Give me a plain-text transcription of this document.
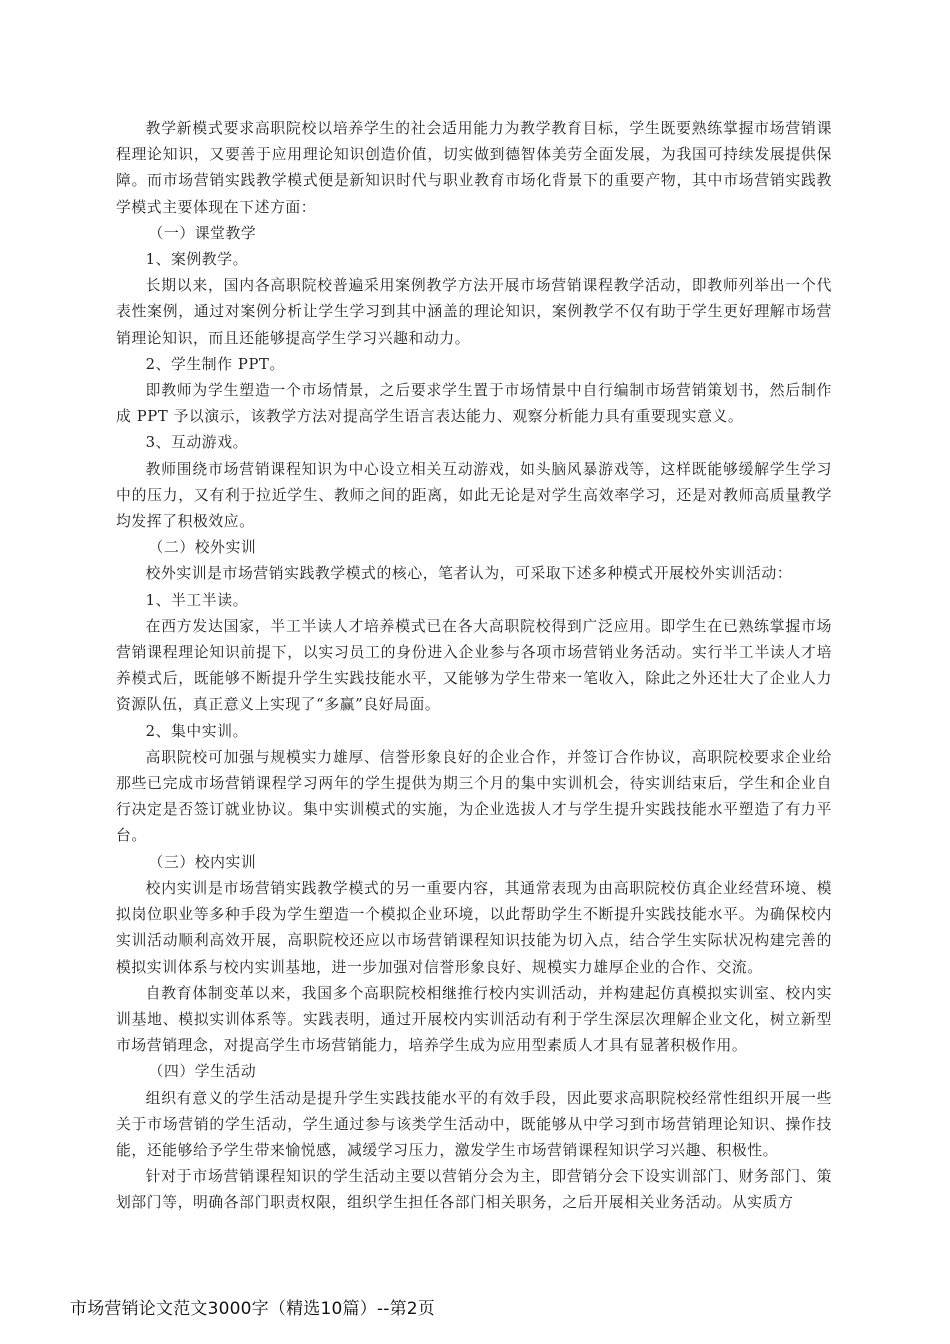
教学新模式要求高职院校以培养学生的社会适用能力为教学教育目标，学生既要熟练掌握市场营销课程理论知识，又要善于应用理论知识创造价值，切实做到德智体美劳全面发展，为我国可持续发展提供保障。而市场营销实践教学模式便是新知识时代与职业教育市场化背景下的重要产物，其中市场营销实践教学模式主要体现在下述方面：

（一）课堂教学

1、案例教学。

长期以来，国内各高职院校普遍采用案例教学方法开展市场营销课程教学活动，即教师列举出一个代表性案例，通过对案例分析让学生学习到其中涵盖的理论知识，案例教学不仅有助于学生更好理解市场营销理论知识，而且还能够提高学生学习兴趣和动力。

2、学生制作 PPT。

即教师为学生塑造一个市场情景，之后要求学生置于市场情景中自行编制市场营销策划书，然后制作成 PPT 予以演示，该教学方法对提高学生语言表达能力、观察分析能力具有重要现实意义。

3、互动游戏。

教师围绕市场营销课程知识为中心设立相关互动游戏，如头脑风暴游戏等，这样既能够缓解学生学习中的压力，又有利于拉近学生、教师之间的距离，如此无论是对学生高效率学习，还是对教师高质量教学均发挥了积极效应。

（二）校外实训

校外实训是市场营销实践教学模式的核心，笔者认为，可采取下述多种模式开展校外实训活动：

1、半工半读。

在西方发达国家，半工半读人才培养模式已在各大高职院校得到广泛应用。即学生在已熟练掌握市场营销课程理论知识前提下，以实习员工的身份进入企业参与各项市场营销业务活动。实行半工半读人才培养模式后，既能够不断提升学生实践技能水平，又能够为学生带来一笔收入，除此之外还壮大了企业人力资源队伍，真正意义上实现了“多赢”良好局面。

2、集中实训。

高职院校可加强与规模实力雄厚、信誉形象良好的企业合作，并签订合作协议，高职院校要求企业给那些已完成市场营销课程学习两年的学生提供为期三个月的集中实训机会，待实训结束后，学生和企业自行决定是否签订就业协议。集中实训模式的实施，为企业选拔人才与学生提升实践技能水平塑造了有力平台。

（三）校内实训

校内实训是市场营销实践教学模式的另一重要内容，其通常表现为由高职院校仿真企业经营环境、模拟岗位职业等多种手段为学生塑造一个模拟企业环境，以此帮助学生不断提升实践技能水平。为确保校内实训活动顺利高效开展，高职院校还应以市场营销课程知识技能为切入点，结合学生实际状况构建完善的模拟实训体系与校内实训基地，进一步加强对信誉形象良好、规模实力雄厚企业的合作、交流。

自教育体制变革以来，我国多个高职院校相继推行校内实训活动，并构建起仿真模拟实训室、校内实训基地、模拟实训体系等。实践表明，通过开展校内实训活动有利于学生深层次理解企业文化，树立新型市场营销理念，对提高学生市场营销能力，培养学生成为应用型素质人才具有显著积极作用。

（四）学生活动

组织有意义的学生活动是提升学生实践技能水平的有效手段，因此要求高职院校经常性组织开展一些关于市场营销的学生活动，学生通过参与该类学生活动中，既能够从中学习到市场营销理论知识、操作技能，还能够给予学生带来愉悦感，减缓学习压力，激发学生市场营销课程知识学习兴趣、积极性。

针对于市场营销课程知识的学生活动主要以营销分会为主，即营销分会下设实训部门、财务部门、策划部门等，明确各部门职责权限，组织学生担任各部门相关职务，之后开展相关业务活动。从实质方

市场营销论文范文3000字（精选10篇）--第2页
